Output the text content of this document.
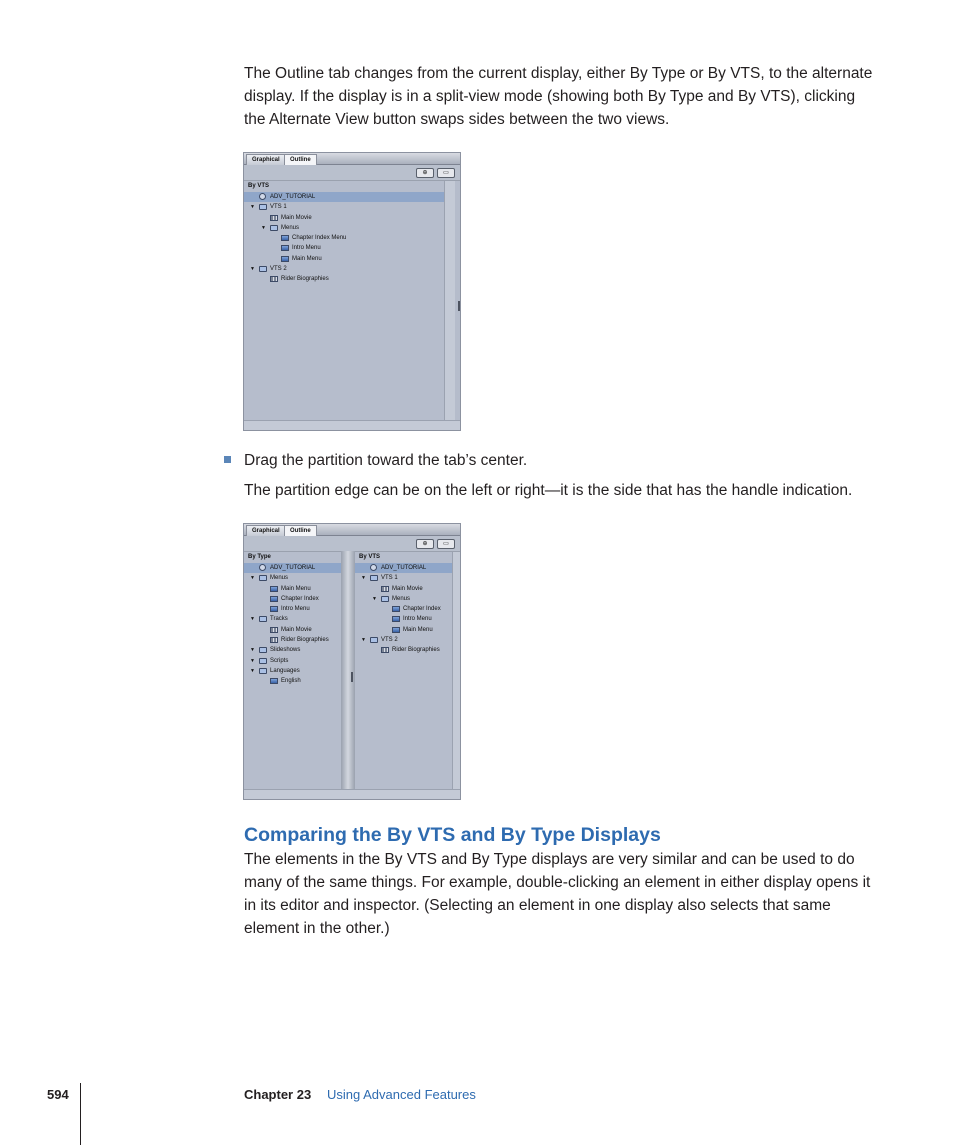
The Outline tab changes from the current display, either By Type or By VTS, to the alternate display. If the display is in a split-view mode (showing both By Type and By VTS), clicking the Alternate View button swaps sides between the two views.

Graphical	Outline
⊕	▭
By VTS
ADV_TUTORIAL
▼	VTS 1
Main Movie
▼	Menus
Chapter Index Menu
Intro Menu
Main Menu
▼	VTS 2
Rider Biographies

Drag the partition toward the tab’s center.

The partition edge can be on the left or right—it is the side that has the handle indication.

Graphical	Outline
⊕	▭
By Type
ADV_TUTORIAL
▼	Menus
Main Menu
Chapter Index
Intro Menu
▼	Tracks
Main Movie
Rider Biographies
▼	Slideshows
▼	Scripts
▼	Languages
English
By VTS
ADV_TUTORIAL
▼	VTS 1
Main Movie
▼	Menus
Chapter Index
Intro Menu
Main Menu
▼	VTS 2
Rider Biographies
Comparing the By VTS and By Type Displays

The elements in the By VTS and By Type displays are very similar and can be used to do many of the same things. For example, double-clicking an element in either display opens it in its editor and inspector. (Selecting an element in one display also selects that same element in the other.)

594	Chapter 23 Using Advanced Features
